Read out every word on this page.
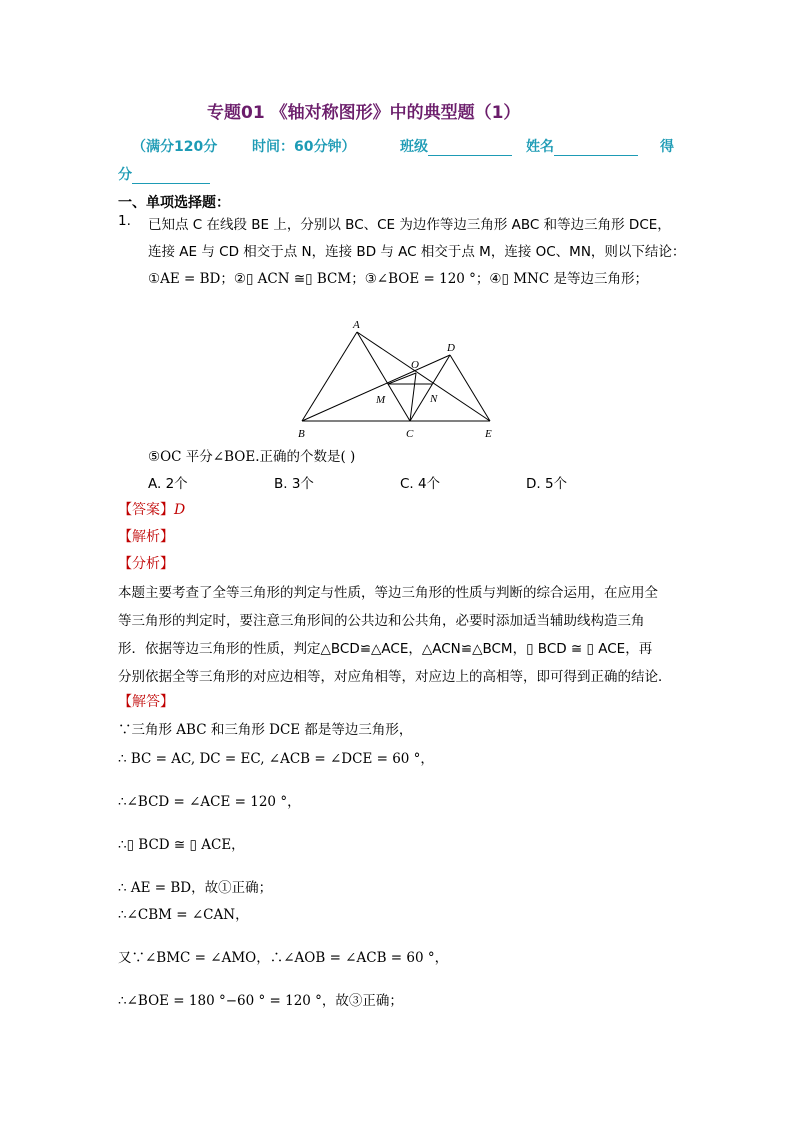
专题01 《轴对称图形》中的典型题（1）
（满分120分 时间：60分钟）	班级	姓名	得
分
一、单项选择题：
1. 已知点 C 在线段 BE 上，分别以 BC、CE 为边作等边三角形 ABC 和等边三角形 DCE，
连接 AE 与 CD 相交于点 N，连接 BD 与 AC 相交于点 M，连接 OC、MN，则以下结论：
①AE = BD；②▯ ACN ≅▯ BCM；③∠BOE = 120 °；④▯ MNC 是等边三角形；
A
D
O
M	N
B	C	E
⑤OC 平分∠BOE.正确的个数是( )
A. 2个	B. 3个	C. 4个	D. 5个
【答案】D
【解析】
【分析】
本题主要考查了全等三角形的判定与性质，等边三角形的性质与判断的综合运用，在应用全
等三角形的判定时，要注意三角形间的公共边和公共角，必要时添加适当辅助线构造三角
形．依据等边三角形的性质，判定△BCD≌△ACE，△ACN≌△BCM，▯ BCD ≅ ▯ ACE，再
分别依据全等三角形的对应边相等，对应角相等，对应边上的高相等，即可得到正确的结论．
【解答】
∵三角形 ABC 和三角形 DCE 都是等边三角形，
∴ BC = AC, DC = EC, ∠ACB = ∠DCE = 60 °，
∴∠BCD = ∠ACE = 120 °，
∴▯ BCD ≅ ▯ ACE，
∴ AE = BD，故①正确；
∴∠CBM = ∠CAN，
又∵∠BMC = ∠AMO，∴∠AOB = ∠ACB = 60 °，
∴∠BOE = 180 °−60 ° = 120 °，故③正确；
